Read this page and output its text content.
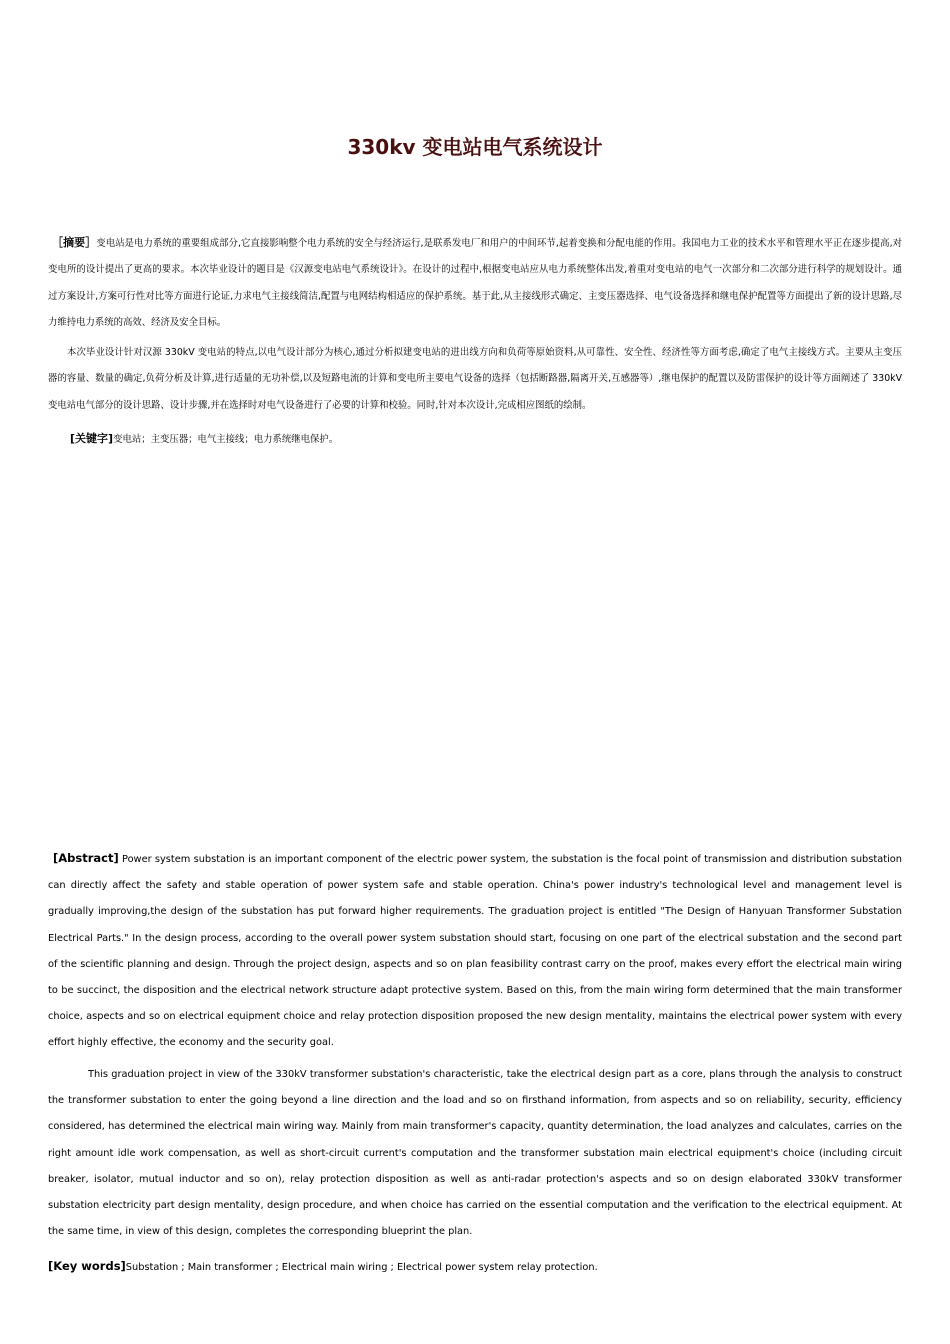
330kv 变电站电气系统设计

［摘要］变电站是电力系统的重要组成部分,它直接影响整个电力系统的安全与经济运行,是联系发电厂和用户的中间环节,起着变换和分配电能的作用。我国电力工业的技术水平和管理水平正在逐步提高,对变电所的设计提出了更高的要求。本次毕业设计的题目是《汉源变电站电气系统设计》。在设计的过程中,根据变电站应从电力系统整体出发,着重对变电站的电气一次部分和二次部分进行科学的规划设计。通过方案设计,方案可行性对比等方面进行论证,力求电气主接线简洁,配置与电网结构相适应的保护系统。基于此,从主接线形式确定、主变压器选择、电气设备选择和继电保护配置等方面提出了新的设计思路,尽力维持电力系统的高效、经济及安全目标。

本次毕业设计针对汉源 330kV 变电站的特点,以电气设计部分为核心,通过分析拟建变电站的进出线方向和负荷等原始资料,从可靠性、安全性、经济性等方面考虑,确定了电气主接线方式。主要从主变压器的容量、数量的确定,负荷分析及计算,进行适量的无功补偿,以及短路电流的计算和变电所主要电气设备的选择（包括断路器,隔离开关,互感器等）,继电保护的配置以及防雷保护的设计等方面阐述了 330kV 变电站电气部分的设计思路、设计步骤,并在选择时对电气设备进行了必要的计算和校验。同时,针对本次设计,完成相应图纸的绘制。

[关键字]变电站；主变压器；电气主接线；电力系统继电保护。

[Abstract] Power system substation is an important component of the electric power system, the substation is the focal point of transmission and distribution substation can directly affect the safety and stable operation of power system safe and stable operation. China's power industry's technological level and management level is gradually improving,the design of the substation has put forward higher requirements. The graduation project is entitled "The Design of Hanyuan Transformer Substation Electrical Parts." In the design process, according to the overall power system substation should start, focusing on one part of the electrical substation and the second part of the scientific planning and design. Through the project design, aspects and so on plan feasibility contrast carry on the proof, makes every effort the electrical main wiring to be succinct, the disposition and the electrical network structure adapt protective system. Based on this, from the main wiring form determined that the main transformer choice, aspects and so on electrical equipment choice and relay protection disposition proposed the new design mentality, maintains the electrical power system with every effort highly effective, the economy and the security goal.

This graduation project in view of the 330kV transformer substation's characteristic, take the electrical design part as a core, plans through the analysis to construct the transformer substation to enter the going beyond a line direction and the load and so on firsthand information, from aspects and so on reliability, security, efficiency considered, has determined the electrical main wiring way. Mainly from main transformer's capacity, quantity determination, the load analyzes and calculates, carries on the right amount idle work compensation, as well as short-circuit current's computation and the transformer substation main electrical equipment's choice (including circuit breaker, isolator, mutual inductor and so on), relay protection disposition as well as anti-radar protection's aspects and so on design elaborated 330kV transformer substation electricity part design mentality, design procedure, and when choice has carried on the essential computation and the verification to the electrical equipment. At the same time, in view of this design, completes the corresponding blueprint the plan.

[Key words]Substation ; Main transformer ; Electrical main wiring ; Electrical power system relay protection.
